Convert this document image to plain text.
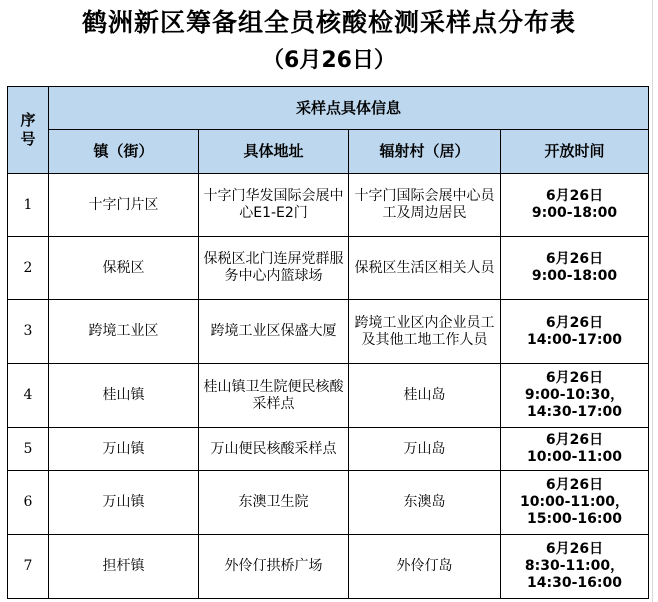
鹤洲新区筹备组全员核酸检测采样点分布表
（6月26日）
序号	采样点具体信息			
	镇（街）	具体地址	辐射村（居）	开放时间
1	十字门片区	十字门华发国际会展中心E1-E2门	十字门国际会展中心员工及周边居民	6月26日
9:00-18:00

2	保税区	保税区北门连屏党群服务中心内篮球场	保税区生活区相关人员	6月26日
9:00-18:00

3	跨境工业区	跨境工业区保盛大厦	跨境工业区内企业员工及其他工地工作人员	6月26日
14:00-17:00

4	桂山镇	桂山镇卫生院便民核酸采样点	桂山岛	6月26日
9:00-10:30，14:30-17:00

5	万山镇	万山便民核酸采样点	万山岛	6月26日
10:00-11:00

6	万山镇	东澳卫生院	东澳岛	6月26日
10:00-11:00，15:00-16:00

7	担杆镇	外伶仃拱桥广场	外伶仃岛	6月26日
8:30-11:00，14:30-16:00
